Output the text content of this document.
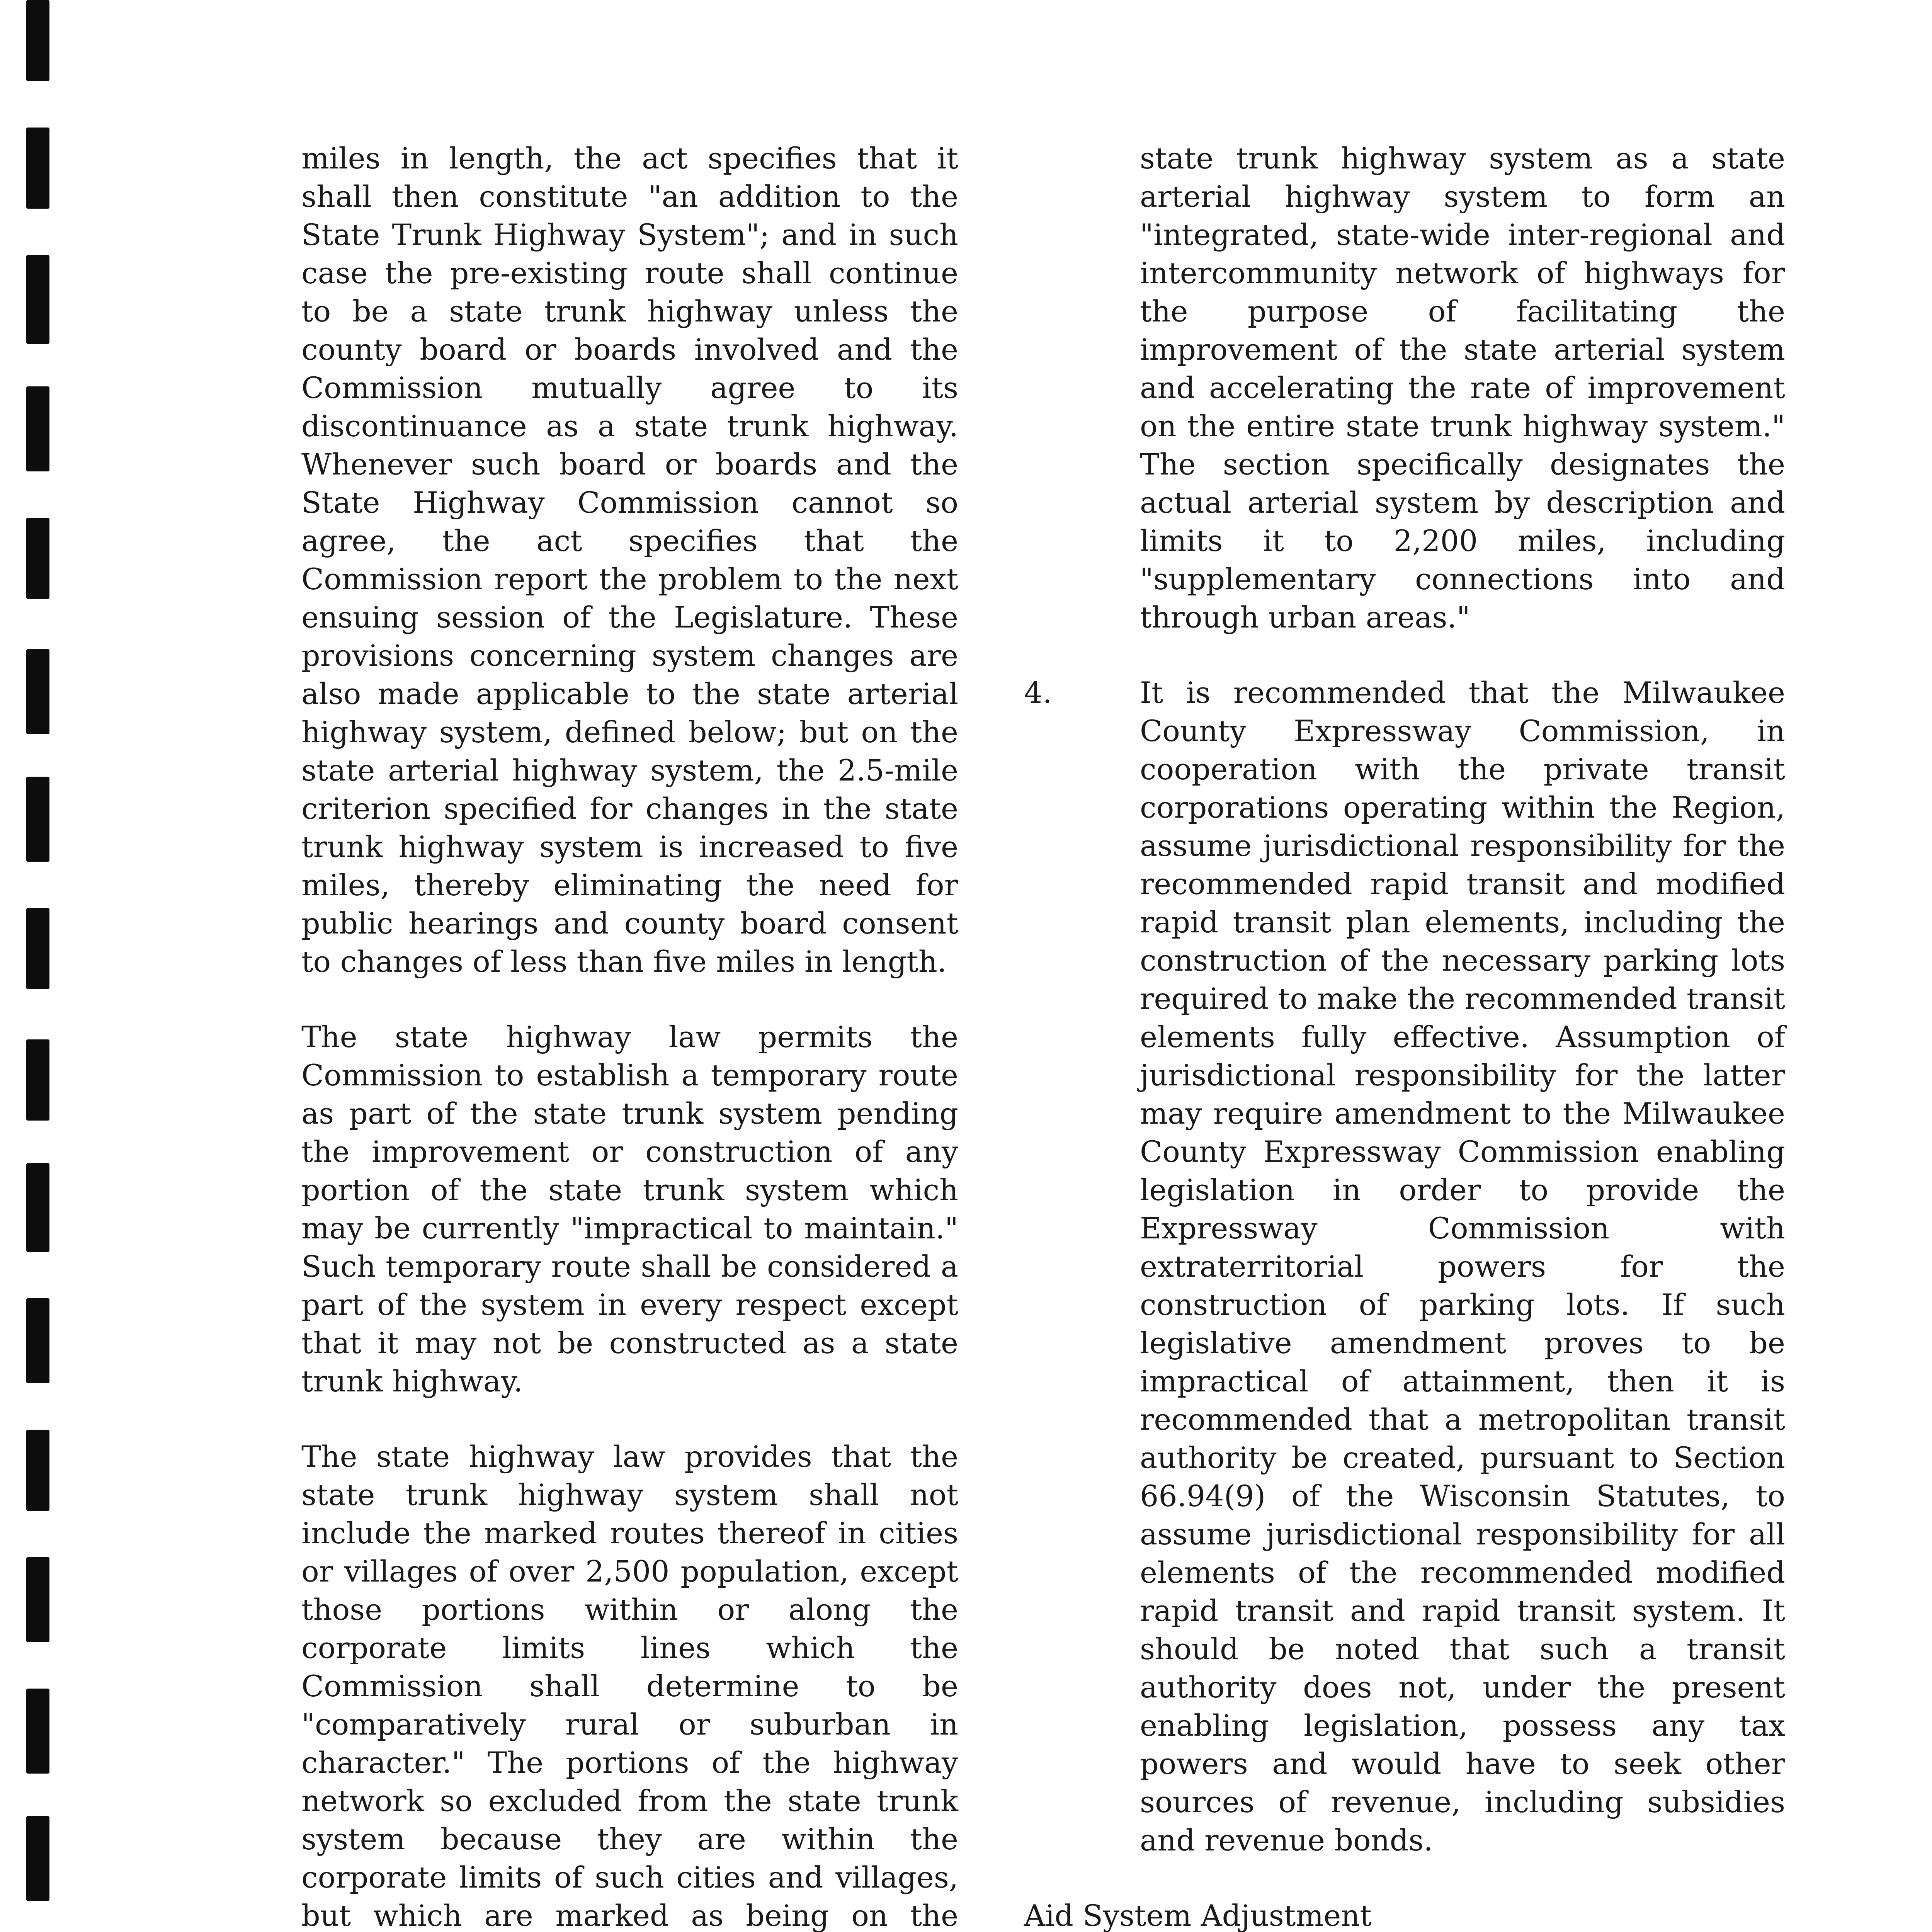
miles in length, the act specifies that it shall then constitute "an addition to the State Trunk Highway System"; and in such case the pre-existing route shall continue to be a state trunk highway unless the county board or boards involved and the Commission mutually agree to its discontinuance as a state trunk highway. Whenever such board or boards and the State Highway Commission cannot so agree, the act specifies that the Commission report the problem to the next ensuing session of the Legislature. These provisions concerning system changes are also made applicable to the state arterial highway system, defined below; but on the state arterial highway system, the 2.5-mile criterion specified for changes in the state trunk highway system is increased to five miles, thereby eliminating the need for public hearings and county board consent to changes of less than five miles in length.

The state highway law permits the Commission to establish a temporary route as part of the state trunk system pending the improvement or construction of any portion of the state trunk system which may be currently "impractical to maintain." Such temporary route shall be considered a part of the system in every respect except that it may not be constructed as a state trunk highway.

The state highway law provides that the state trunk highway system shall not include the marked routes thereof in cities or villages of over 2,500 population, except those portions within or along the corporate limits lines which the Commission shall determine to be "comparatively rural or suburban in character." The portions of the highway network so excluded from the state trunk system because they are within the corporate limits of such cities and villages, but which are marked as being on the

state trunk highway system as a state arterial highway system to form an "integrated, state-wide inter-regional and intercommunity network of highways for the purpose of facilitating the improvement of the state arterial system and accelerating the rate of improvement on the entire state trunk highway system." The section specifically designates the actual arterial system by description and limits it to 2,200 miles, including "supplementary connections into and through urban areas."

4.	It is recommended that the Milwaukee County Expressway Commission, in cooperation with the private transit corporations operating within the Region, assume jurisdictional responsibility for the recommended rapid transit and modified rapid transit plan elements, including the construction of the necessary parking lots required to make the recommended transit elements fully effective. Assumption of jurisdictional responsibility for the latter may require amendment to the Milwaukee County Expressway Commission enabling legislation in order to provide the Expressway Commission with extraterritorial powers for the construction of parking lots. If such legislative amendment proves to be impractical of attainment, then it is recommended that a metropolitan transit authority be created, pursuant to Section 66.94(9) of the Wisconsin Statutes, to assume jurisdictional responsibility for all elements of the recommended modified rapid transit and rapid transit system. It should be noted that such a transit authority does not, under the present enabling legislation, possess any tax powers and would have to seek other sources of revenue, including subsidies and revenue bonds.
Aid System Adjustment
